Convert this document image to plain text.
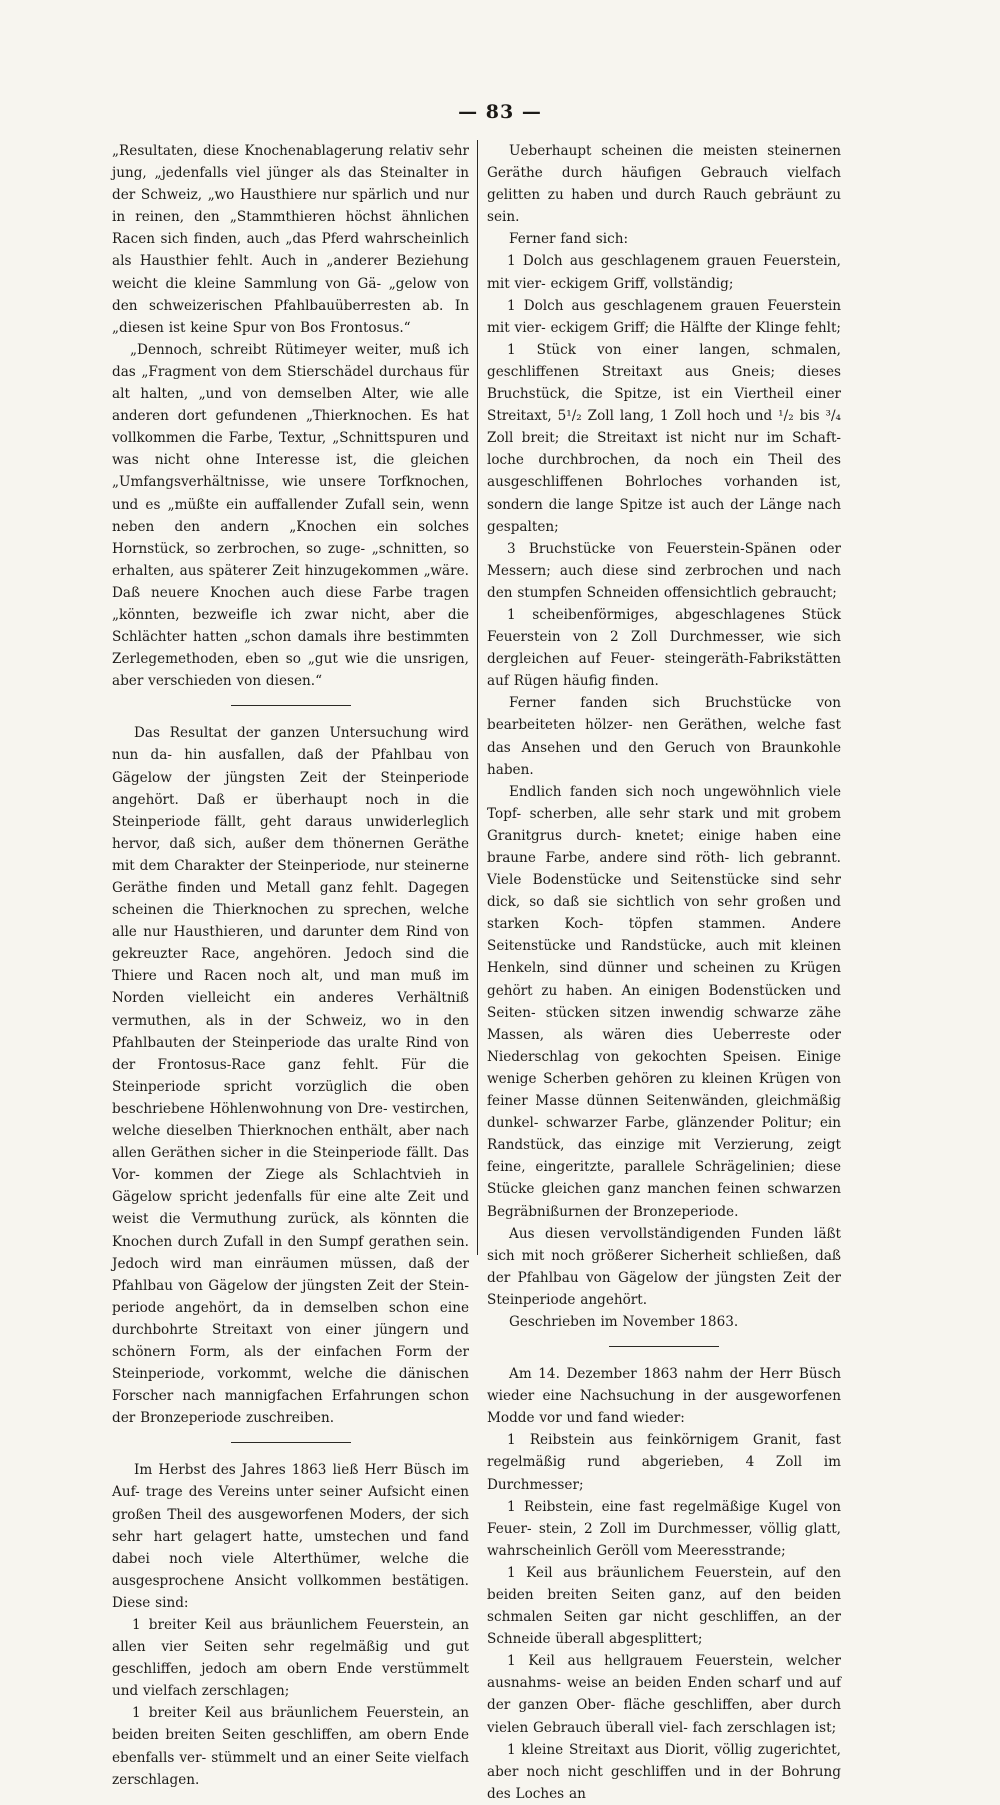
— 83 —

„Resultaten, diese Knochenablagerung relativ sehr jung, „jedenfalls viel jünger als das Steinalter in der Schweiz, „wo Hausthiere nur spärlich und nur in reinen, den „Stammthieren höchst ähnlichen Racen sich finden, auch „das Pferd wahrscheinlich als Hausthier fehlt. Auch in „anderer Beziehung weicht die kleine Sammlung von Gä- „gelow von den schweizerischen Pfahlbauüberresten ab. In „diesen ist keine Spur von Bos Frontosus.“

„Dennoch, schreibt Rütimeyer weiter, muß ich das „Fragment von dem Stierschädel durchaus für alt halten, „und von demselben Alter, wie alle anderen dort gefundenen „Thierknochen. Es hat vollkommen die Farbe, Textur, „Schnittspuren und was nicht ohne Interesse ist, die gleichen „Umfangsverhältnisse, wie unsere Torfknochen, und es „müßte ein auffallender Zufall sein, wenn neben den andern „Knochen ein solches Hornstück, so zerbrochen, so zuge- „schnitten, so erhalten, aus späterer Zeit hinzugekommen „wäre. Daß neuere Knochen auch diese Farbe tragen „könnten, bezweifle ich zwar nicht, aber die Schlächter hatten „schon damals ihre bestimmten Zerlegemethoden, eben so „gut wie die unsrigen, aber verschieden von diesen.“

Das Resultat der ganzen Untersuchung wird nun da- hin ausfallen, daß der Pfahlbau von Gägelow der jüngsten Zeit der Steinperiode angehört. Daß er überhaupt noch in die Steinperiode fällt, geht daraus unwiderleglich hervor, daß sich, außer dem thönernen Geräthe mit dem Charakter der Steinperiode, nur steinerne Geräthe finden und Metall ganz fehlt. Dagegen scheinen die Thierknochen zu sprechen, welche alle nur Hausthieren, und darunter dem Rind von gekreuzter Race, angehören. Jedoch sind die Thiere und Racen noch alt, und man muß im Norden vielleicht ein anderes Verhältniß vermuthen, als in der Schweiz, wo in den Pfahlbauten der Steinperiode das uralte Rind von der Frontosus-Race ganz fehlt. Für die Steinperiode spricht vorzüglich die oben beschriebene Höhlenwohnung von Dre- vestirchen, welche dieselben Thierknochen enthält, aber nach allen Geräthen sicher in die Steinperiode fällt. Das Vor- kommen der Ziege als Schlachtvieh in Gägelow spricht jedenfalls für eine alte Zeit und weist die Vermuthung zurück, als könnten die Knochen durch Zufall in den Sumpf gerathen sein. Jedoch wird man einräumen müssen, daß der Pfahlbau von Gägelow der jüngsten Zeit der Stein- periode angehört, da in demselben schon eine durchbohrte Streitaxt von einer jüngern und schönern Form, als der einfachen Form der Steinperiode, vorkommt, welche die dänischen Forscher nach mannigfachen Erfahrungen schon der Bronzeperiode zuschreiben.

Im Herbst des Jahres 1863 ließ Herr Büsch im Auf- trage des Vereins unter seiner Aufsicht einen großen Theil des ausgeworfenen Moders, der sich sehr hart gelagert hatte, umstechen und fand dabei noch viele Alterthümer, welche die ausgesprochene Ansicht vollkommen bestätigen. Diese sind:

1 breiter Keil aus bräunlichem Feuerstein, an allen vier Seiten sehr regelmäßig und gut geschliffen, jedoch am obern Ende verstümmelt und vielfach zerschlagen;

1 breiter Keil aus bräunlichem Feuerstein, an beiden breiten Seiten geschliffen, am obern Ende ebenfalls ver- stümmelt und an einer Seite vielfach zerschlagen.

Ueberhaupt scheinen die meisten steinernen Geräthe durch häufigen Gebrauch vielfach gelitten zu haben und durch Rauch gebräunt zu sein.

Ferner fand sich:

1 Dolch aus geschlagenem grauen Feuerstein, mit vier- eckigem Griff, vollständig;

1 Dolch aus geschlagenem grauen Feuerstein mit vier- eckigem Griff; die Hälfte der Klinge fehlt;

1 Stück von einer langen, schmalen, geschliffenen Streitaxt aus Gneis; dieses Bruchstück, die Spitze, ist ein Viertheil einer Streitaxt, 5¹/₂ Zoll lang, 1 Zoll hoch und ¹/₂ bis ³/₄ Zoll breit; die Streitaxt ist nicht nur im Schaft- loche durchbrochen, da noch ein Theil des ausgeschliffenen Bohrloches vorhanden ist, sondern die lange Spitze ist auch der Länge nach gespalten;

3 Bruchstücke von Feuerstein-Spänen oder Messern; auch diese sind zerbrochen und nach den stumpfen Schneiden offensichtlich gebraucht;

1 scheibenförmiges, abgeschlagenes Stück Feuerstein von 2 Zoll Durchmesser, wie sich dergleichen auf Feuer- steingeräth-Fabrikstätten auf Rügen häufig finden.

Ferner fanden sich Bruchstücke von bearbeiteten hölzer- nen Geräthen, welche fast das Ansehen und den Geruch von Braunkohle haben.

Endlich fanden sich noch ungewöhnlich viele Topf- scherben, alle sehr stark und mit grobem Granitgrus durch- knetet; einige haben eine braune Farbe, andere sind röth- lich gebrannt. Viele Bodenstücke und Seitenstücke sind sehr dick, so daß sie sichtlich von sehr großen und starken Koch- töpfen stammen. Andere Seitenstücke und Randstücke, auch mit kleinen Henkeln, sind dünner und scheinen zu Krügen gehört zu haben. An einigen Bodenstücken und Seiten- stücken sitzen inwendig schwarze zähe Massen, als wären dies Ueberreste oder Niederschlag von gekochten Speisen. Einige wenige Scherben gehören zu kleinen Krügen von feiner Masse dünnen Seitenwänden, gleichmäßig dunkel- schwarzer Farbe, glänzender Politur; ein Randstück, das einzige mit Verzierung, zeigt feine, eingeritzte, parallele Schrägelinien; diese Stücke gleichen ganz manchen feinen schwarzen Begräbnißurnen der Bronzeperiode.

Aus diesen vervollständigenden Funden läßt sich mit noch größerer Sicherheit schließen, daß der Pfahlbau von Gägelow der jüngsten Zeit der Steinperiode angehört.

Geschrieben im November 1863.

Am 14. Dezember 1863 nahm der Herr Büsch wieder eine Nachsuchung in der ausgeworfenen Modde vor und fand wieder:

1 Reibstein aus feinkörnigem Granit, fast regelmäßig rund abgerieben, 4 Zoll im Durchmesser;

1 Reibstein, eine fast regelmäßige Kugel von Feuer- stein, 2 Zoll im Durchmesser, völlig glatt, wahrscheinlich Geröll vom Meeresstrande;

1 Keil aus bräunlichem Feuerstein, auf den beiden breiten Seiten ganz, auf den beiden schmalen Seiten gar nicht geschliffen, an der Schneide überall abgesplittert;

1 Keil aus hellgrauem Feuerstein, welcher ausnahms- weise an beiden Enden scharf und auf der ganzen Ober- fläche geschliffen, aber durch vielen Gebrauch überall viel- fach zerschlagen ist;

1 kleine Streitaxt aus Diorit, völlig zugerichtet, aber noch nicht geschliffen und in der Bohrung des Loches an
